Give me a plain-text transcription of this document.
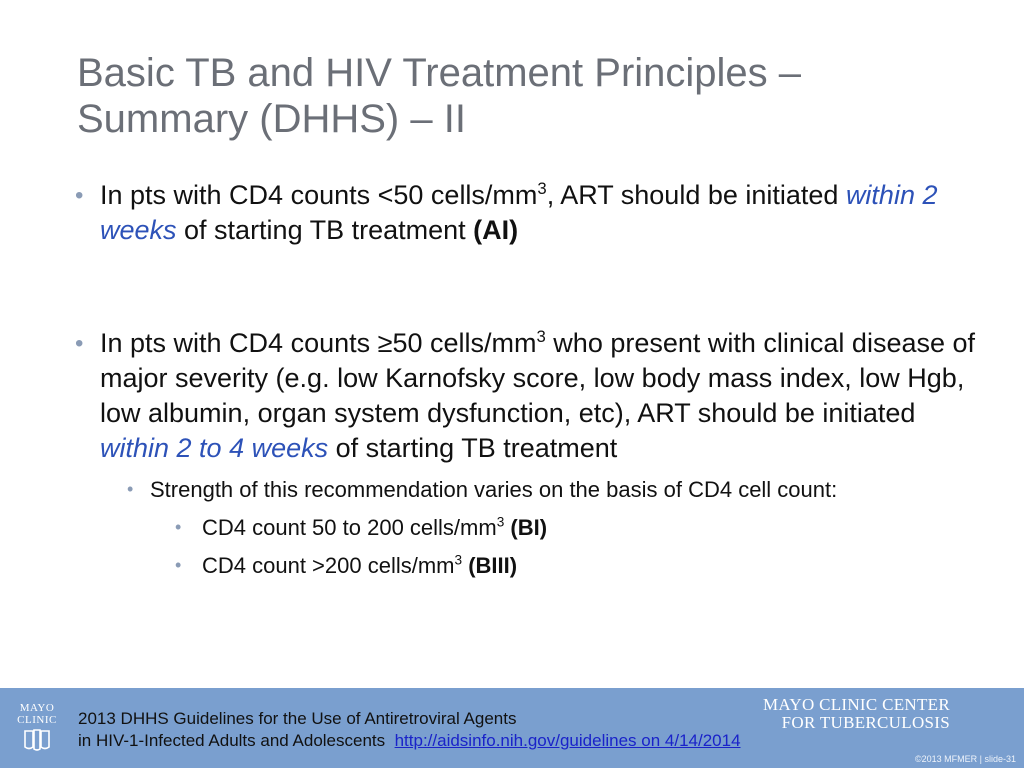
Basic TB and HIV Treatment Principles – Summary (DHHS) – II
• In pts with CD4 counts <50 cells/$mm^3$, ART should be initiated within 2 weeks of starting TB treatment (AI)
• In pts with CD4 counts ≥50 cells/$mm^3$ who present with clinical disease of major severity (e.g. low Karnofsky score, low body mass index, low Hgb, low albumin, organ system dysfunction, etc), ART should be initiated within 2 to 4 weeks of starting TB treatment
• Strength of this recommendation varies on the basis of CD4 cell count:
• CD4 count 50 to 200 cells/$mm^3$ (BI)
• CD4 count >200 cells/$mm^3$ (BIII)
MAYO
CLINIC	2013 DHHS Guidelines for the Use of Antiretroviral Agents
in HIV-1-Infected Adults and Adolescents http://aidsinfo.nih.gov/guidelines on 4/14/2014
MAYO CLINIC CENTER
FOR TUBERCULOSIS
©2013 MFMER | slide-31
